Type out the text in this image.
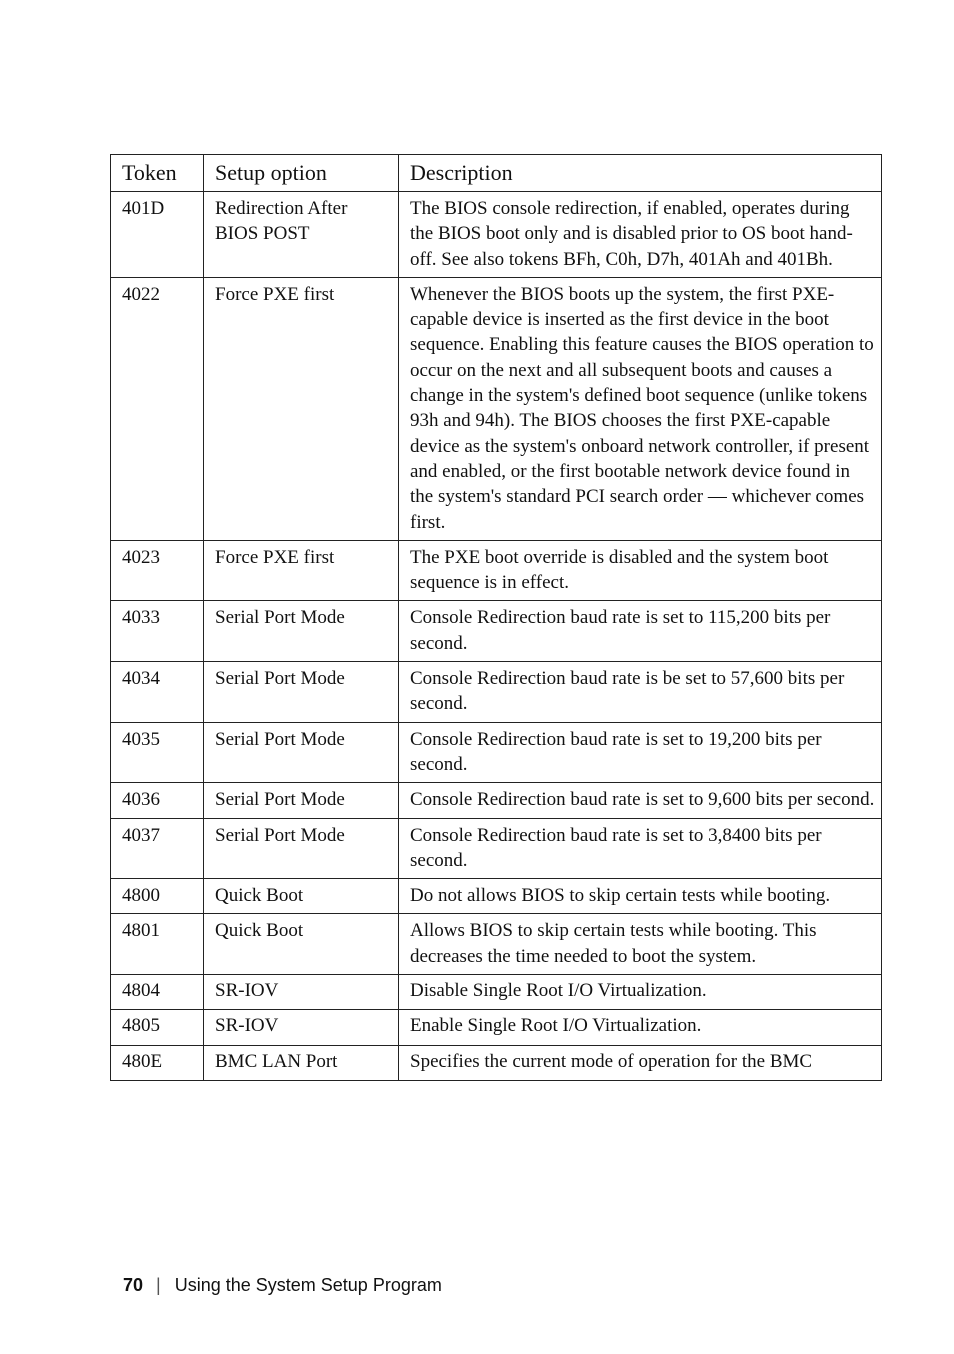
Token	Setup option	Description
401D	Redirection After BIOS POST	The BIOS console redirection, if enabled, operates during the BIOS boot only and is disabled prior to OS boot hand-off. See also tokens BFh, C0h, D7h, 401Ah and 401Bh.
4022	Force PXE first	Whenever the BIOS boots up the system, the first PXE-capable device is inserted as the first device in the boot sequence. Enabling this feature causes the BIOS operation to occur on the next and all subsequent boots and causes a change in the system's defined boot sequence (unlike tokens 93h and 94h). The BIOS chooses the first PXE-capable device as the system's onboard network controller, if present and enabled, or the first bootable network device found in the system's standard PCI search order — whichever comes first.
4023	Force PXE first	The PXE boot override is disabled and the system boot sequence is in effect.
4033	Serial Port Mode	Console Redirection baud rate is set to 115,200 bits per second.
4034	Serial Port Mode	Console Redirection baud rate is be set to 57,600 bits per second.
4035	Serial Port Mode	Console Redirection baud rate is set to 19,200 bits per second.
4036	Serial Port Mode	Console Redirection baud rate is set to 9,600 bits per second.
4037	Serial Port Mode	Console Redirection baud rate is set to 3,8400 bits per second.
4800	Quick Boot	Do not allows BIOS to skip certain tests while booting.
4801	Quick Boot	Allows BIOS to skip certain tests while booting. This decreases the time needed to boot the system.
4804	SR-IOV	Disable Single Root I/O Virtualization.
4805	SR-IOV	Enable Single Root I/O Virtualization.
480E	BMC LAN Port	Specifies the current mode of operation for the BMC
70 | Using the System Setup Program
